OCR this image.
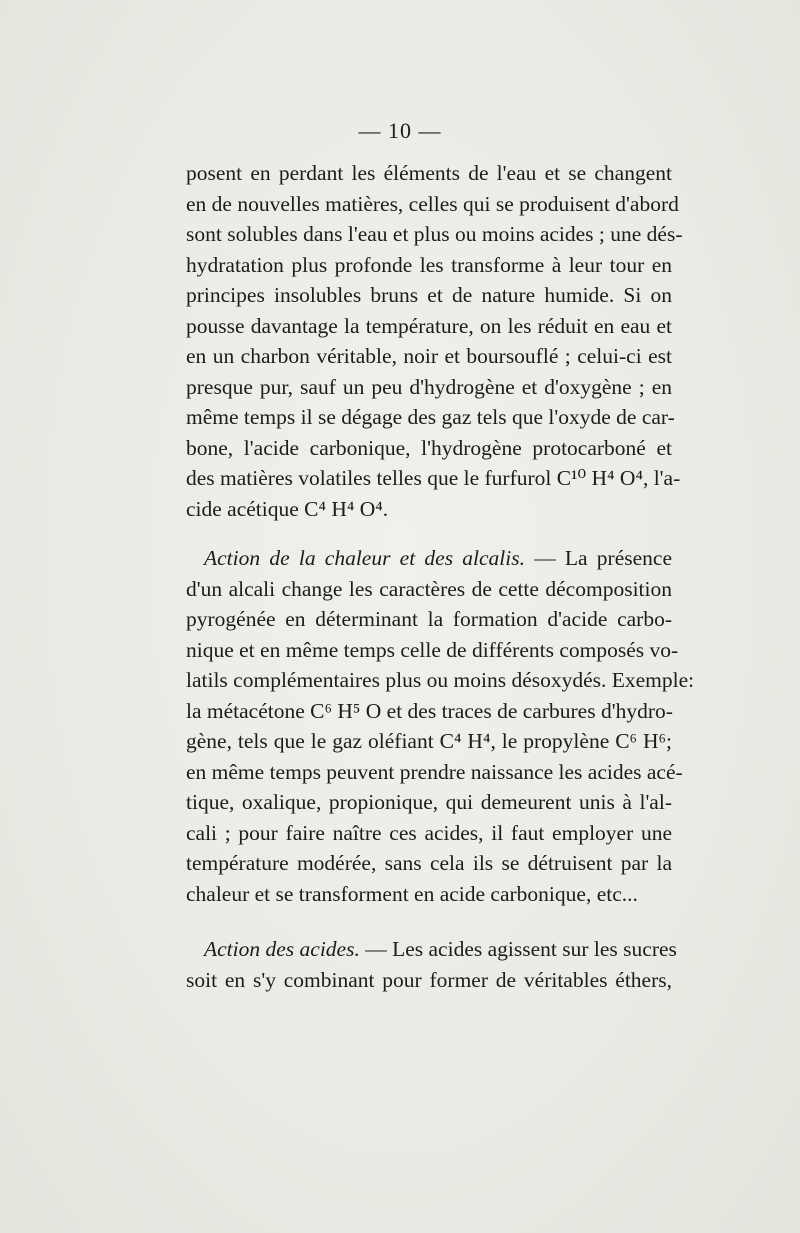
— 10 —
posent en perdant les éléments de l'eau et se changent
en de nouvelles matières, celles qui se produisent d'abord
sont solubles dans l'eau et plus ou moins acides ; une dés-
hydratation plus profonde les transforme à leur tour en
principes insolubles bruns et de nature humide. Si on
pousse davantage la température, on les réduit en eau et
en un charbon véritable, noir et boursouflé ; celui-ci est
presque pur, sauf un peu d'hydrogène et d'oxygène ; en
même temps il se dégage des gaz tels que l'oxyde de car-
bone, l'acide carbonique, l'hydrogène protocarboné et
des matières volatiles telles que le furfurol C¹⁰ H⁴ O⁴, l'a-
cide acétique C⁴ H⁴ O⁴.
Action de la chaleur et des alcalis. — La présence
d'un alcali change les caractères de cette décomposition
pyrogénée en déterminant la formation d'acide carbo-
nique et en même temps celle de différents composés vo-
latils complémentaires plus ou moins désoxydés. Exemple:
la métacétone C⁶ H⁵ O et des traces de carbures d'hydro-
gène, tels que le gaz oléfiant C⁴ H⁴, le propylène C⁶ H⁶;
en même temps peuvent prendre naissance les acides acé-
tique, oxalique, propionique, qui demeurent unis à l'al-
cali ; pour faire naître ces acides, il faut employer une
température modérée, sans cela ils se détruisent par la
chaleur et se transforment en acide carbonique, etc...
Action des acides. — Les acides agissent sur les sucres
soit en s'y combinant pour former de véritables éthers,
